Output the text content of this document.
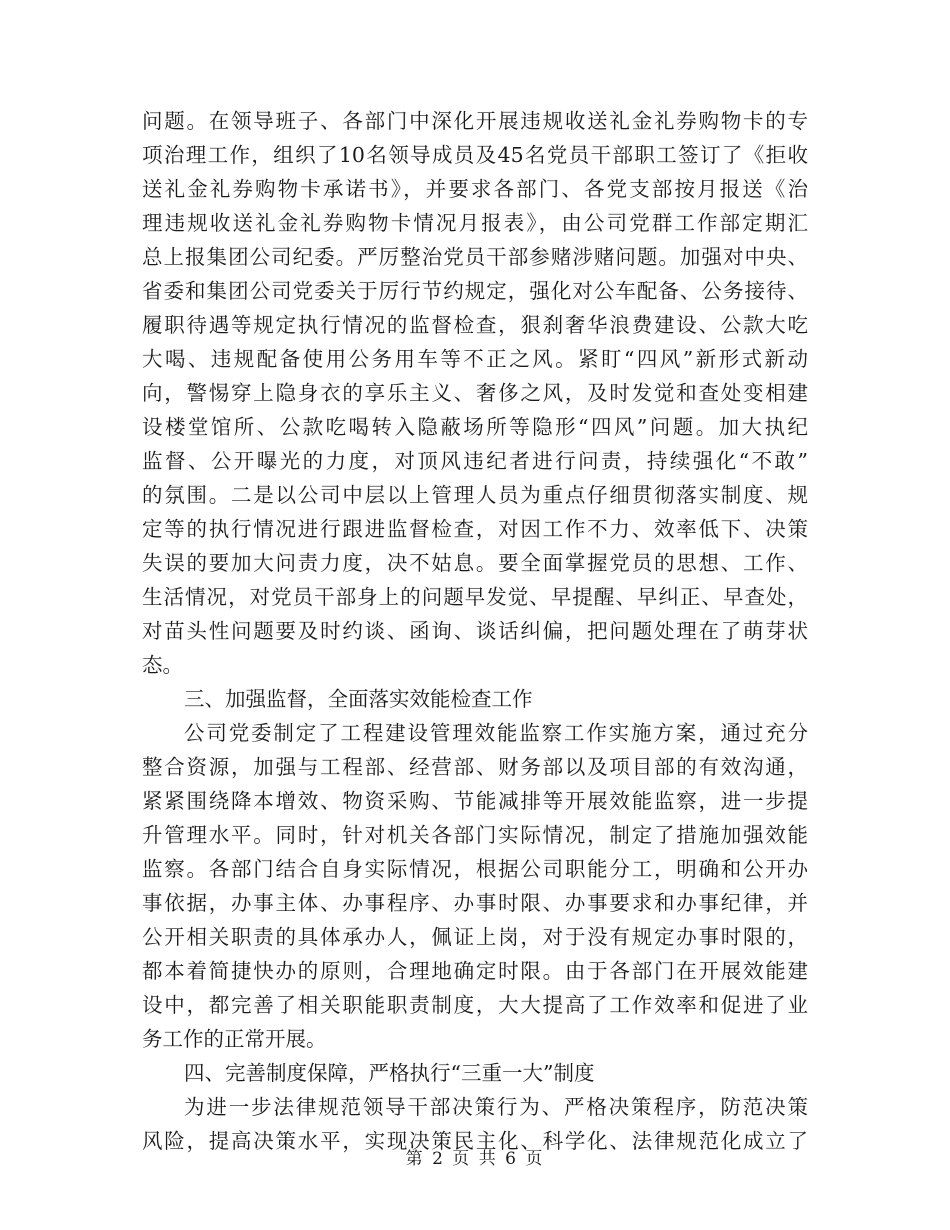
问题。在领导班子、各部门中深化开展违规收送礼金礼券购物卡的专
项治理工作，组织了10名领导成员及45名党员干部职工签订了《拒收
送礼金礼券购物卡承诺书》，并要求各部门、各党支部按月报送《治
理违规收送礼金礼券购物卡情况月报表》，由公司党群工作部定期汇
总上报集团公司纪委。严厉整治党员干部参赌涉赌问题。加强对中央、
省委和集团公司党委关于厉行节约规定，强化对公车配备、公务接待、
履职待遇等规定执行情况的监督检查，狠刹奢华浪费建设、公款大吃
大喝、违规配备使用公务用车等不正之风。紧盯“四风”新形式新动
向，警惕穿上隐身衣的享乐主义、奢侈之风，及时发觉和查处变相建
设楼堂馆所、公款吃喝转入隐蔽场所等隐形“四风”问题。加大执纪
监督、公开曝光的力度，对顶风违纪者进行问责，持续强化“不敢”
的氛围。二是以公司中层以上管理人员为重点仔细贯彻落实制度、规
定等的执行情况进行跟进监督检查，对因工作不力、效率低下、决策
失误的要加大问责力度，决不姑息。要全面掌握党员的思想、工作、
生活情况，对党员干部身上的问题早发觉、早提醒、早纠正、早查处，
对苗头性问题要及时约谈、函询、谈话纠偏，把问题处理在了萌芽状
态。
三、加强监督，全面落实效能检查工作
公司党委制定了工程建设管理效能监察工作实施方案，通过充分
整合资源，加强与工程部、经营部、财务部以及项目部的有效沟通，
紧紧围绕降本增效、物资采购、节能减排等开展效能监察，进一步提
升管理水平。同时，针对机关各部门实际情况，制定了措施加强效能
监察。各部门结合自身实际情况，根据公司职能分工，明确和公开办
事依据，办事主体、办事程序、办事时限、办事要求和办事纪律，并
公开相关职责的具体承办人，佩证上岗，对于没有规定办事时限的，
都本着简捷快办的原则，合理地确定时限。由于各部门在开展效能建
设中，都完善了相关职能职责制度，大大提高了工作效率和促进了业
务工作的正常开展。
四、完善制度保障，严格执行“三重一大”制度
为进一步法律规范领导干部决策行为、严格决策程序，防范决策
风险，提高决策水平，实现决策民主化、科学化、法律规范化成立了
第 2 页 共 6 页
